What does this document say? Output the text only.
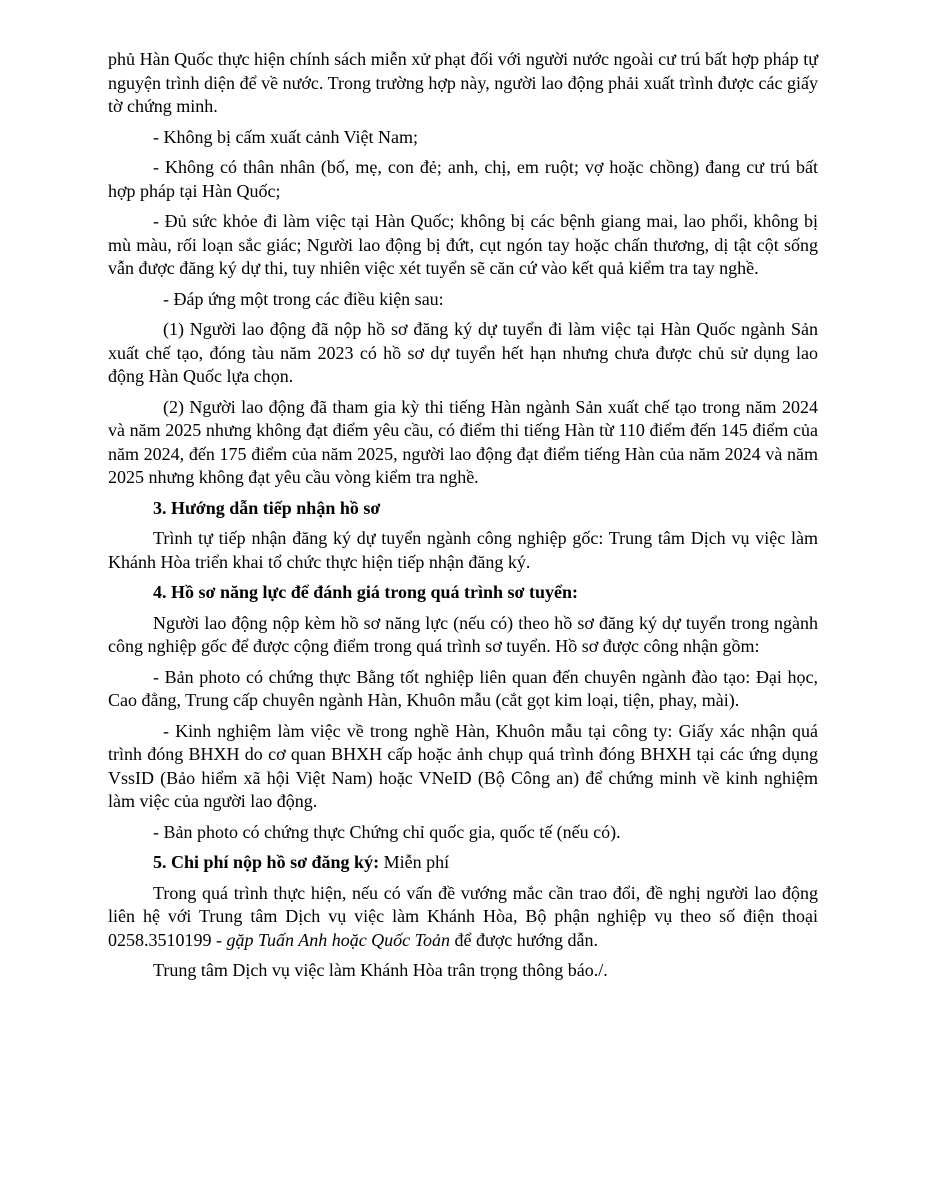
phủ Hàn Quốc thực hiện chính sách miễn xử phạt đối với người nước ngoài cư trú bất hợp pháp tự nguyện trình diện để về nước. Trong trường hợp này, người lao động phải xuất trình được các giấy tờ chứng minh.

- Không bị cấm xuất cảnh Việt Nam;

- Không có thân nhân (bố, mẹ, con đẻ; anh, chị, em ruột; vợ hoặc chồng) đang cư trú bất hợp pháp tại Hàn Quốc;

- Đủ sức khỏe đi làm việc tại Hàn Quốc; không bị các bệnh giang mai, lao phổi, không bị mù màu, rối loạn sắc giác; Người lao động bị đứt, cụt ngón tay hoặc chấn thương, dị tật cột sống vẫn được đăng ký dự thi, tuy nhiên việc xét tuyển sẽ căn cứ vào kết quả kiểm tra tay nghề.

- Đáp ứng một trong các điều kiện sau:

(1) Người lao động đã nộp hồ sơ đăng ký dự tuyển đi làm việc tại Hàn Quốc ngành Sản xuất chế tạo, đóng tàu năm 2023 có hồ sơ dự tuyển hết hạn nhưng chưa được chủ sử dụng lao động Hàn Quốc lựa chọn.

(2) Người lao động đã tham gia kỳ thi tiếng Hàn ngành Sản xuất chế tạo trong năm 2024 và năm 2025 nhưng không đạt điểm yêu cầu, có điểm thi tiếng Hàn từ 110 điểm đến 145 điểm của năm 2024, đến 175 điểm của năm 2025, người lao động đạt điểm tiếng Hàn của năm 2024 và năm 2025 nhưng không đạt yêu cầu vòng kiểm tra nghề.

3. Hướng dẫn tiếp nhận hồ sơ

Trình tự tiếp nhận đăng ký dự tuyển ngành công nghiệp gốc: Trung tâm Dịch vụ việc làm Khánh Hòa triển khai tổ chức thực hiện tiếp nhận đăng ký.

4. Hồ sơ năng lực để đánh giá trong quá trình sơ tuyển:

Người lao động nộp kèm hồ sơ năng lực (nếu có) theo hồ sơ đăng ký dự tuyển trong ngành công nghiệp gốc để được cộng điểm trong quá trình sơ tuyển. Hồ sơ được công nhận gồm:

- Bản photo có chứng thực Bằng tốt nghiệp liên quan đến chuyên ngành đào tạo: Đại học, Cao đẳng, Trung cấp chuyên ngành Hàn, Khuôn mẫu (cắt gọt kim loại, tiện, phay, mài).

- Kinh nghiệm làm việc về trong nghề Hàn, Khuôn mẫu tại công ty: Giấy xác nhận quá trình đóng BHXH do cơ quan BHXH cấp hoặc ảnh chụp quá trình đóng BHXH tại các ứng dụng VssID (Bảo hiểm xã hội Việt Nam) hoặc VNeID (Bộ Công an) để chứng minh về kinh nghiệm làm việc của người lao động.

- Bản photo có chứng thực Chứng chỉ quốc gia, quốc tế (nếu có).

5. Chi phí nộp hồ sơ đăng ký: Miễn phí

Trong quá trình thực hiện, nếu có vấn đề vướng mắc cần trao đổi, đề nghị người lao động liên hệ với Trung tâm Dịch vụ việc làm Khánh Hòa, Bộ phận nghiệp vụ theo số điện thoại 0258.3510199 - gặp Tuấn Anh hoặc Quốc Toản để được hướng dẫn.

Trung tâm Dịch vụ việc làm Khánh Hòa trân trọng thông báo./.
